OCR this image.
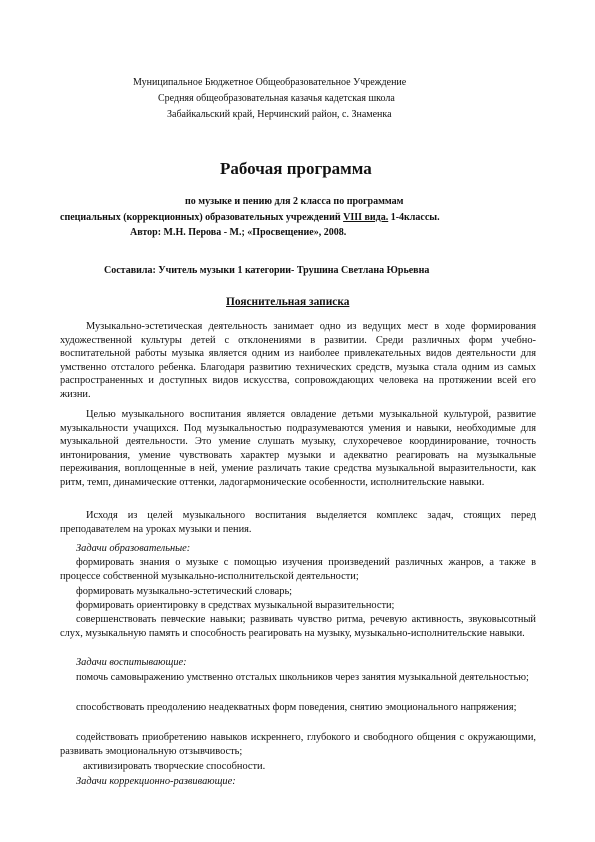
Муниципальное Бюджетное Общеобразовательное Учреждение
Средняя общеобразовательная казачья кадетская школа
Забайкальский край, Нерчинский район, с. Знаменка
Рабочая программа
по музыке и пению для 2 класса по программам
специальных (коррекционных) образовательных учреждений VIII вида. 1-4классы.
Автор: М.Н. Перова - М.; «Просвещение», 2008.
Составила: Учитель музыки 1 категории- Трушина Светлана Юрьевна
Пояснительная записка
Музыкально-эстетическая деятельность занимает одно из ведущих мест в ходе формирования художественной культуры детей с отклонениями в развитии. Среди различных форм учебно-воспитательной работы музыка является одним из наиболее привлекательных видов деятельности для умственно отсталого ребенка. Благодаря развитию технических средств, музыка стала одним из самых распространенных и доступных видов искусства, сопровождающих человека на протяжении всей его жизни.
Целью музыкального воспитания является овладение детьми музыкальной культурой, развитие музыкальности учащихся. Под музыкальностью подразумеваются умения и навыки, необходимые для музыкальной деятельности. Это умение слушать музыку, слухоречевое координирование, точность интонирования, умение чувствовать характер музыки и адекватно реагировать на музыкальные переживания, воплощенные в ней, умение различать такие средства музыкальной выразительности, как ритм, темп, динамические оттенки, ладогармонические особенности, исполнительские навыки.
Исходя из целей музыкального воспитания выделяется комплекс задач, стоящих перед преподавателем на уроках музыки и пения.
Задачи образовательные:
формировать знания о музыке с помощью изучения произведений различных жанров, а также в процессе собственной музыкально-исполнительской деятельности;
формировать музыкально-эстетический словарь;
формировать ориентировку в средствах музыкальной выразительности;
совершенствовать певческие навыки; развивать чувство ритма, речевую активность, звуковысотный слух, музыкальную память и способность реагировать на музыку, музыкально-исполнительские навыки.
Задачи воспитывающие:
помочь самовыражению умственно отсталых школьников через занятия музыкальной деятельностью;
способствовать преодолению неадекватных форм поведения, снятию эмоционального напряжения;
содействовать приобретению навыков искреннего, глубокого и свободного общения с окружающими, развивать эмоциональную отзывчивость;
активизировать творческие способности.
Задачи коррекционно-развивающие:
